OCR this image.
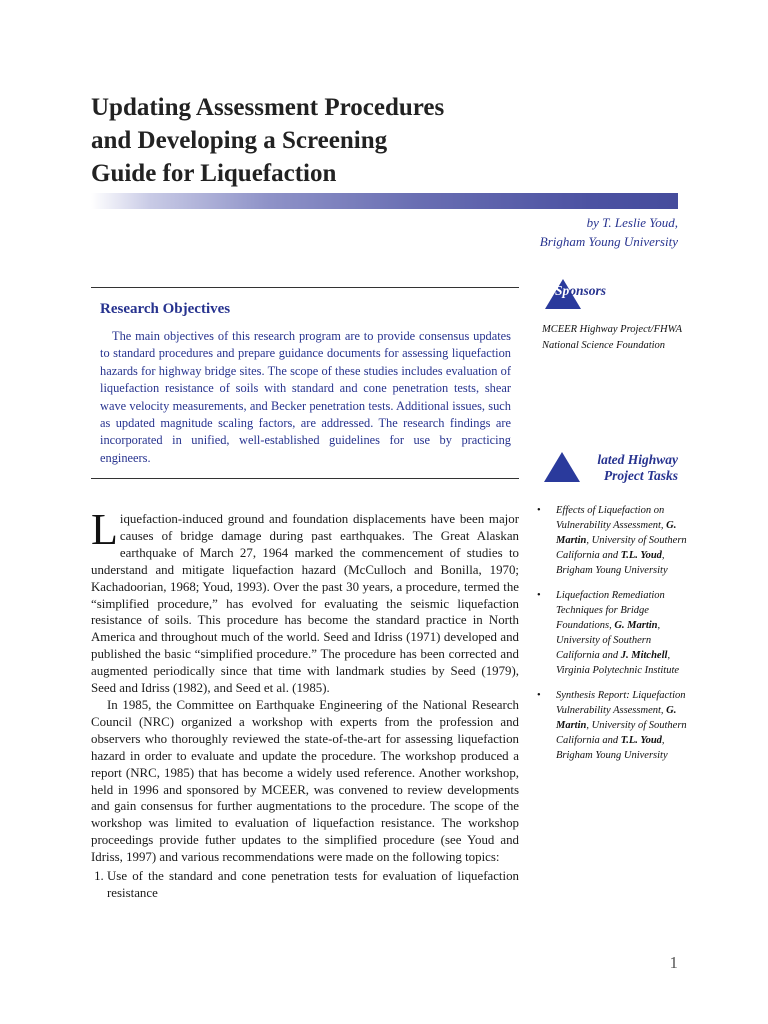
Updating Assessment Procedures
and Developing a Screening
Guide for Liquefaction
by T. Leslie Youd,
Brigham Young University
Research Objectives

The main objectives of this research program are to provide consensus updates to standard procedures and prepare guidance documents for assessing liquefaction hazards for highway bridge sites. The scope of these studies includes evaluation of liquefaction resistance of soils with standard and cone penetration tests, shear wave velocity measurements, and Becker penetration tests. Additional issues, such as updated magnitude scaling factors, are addressed. The research findings are incorporated in unified, well-established guidelines for use by practicing engineers.

Liquefaction-induced ground and foundation displacements have been major causes of bridge damage during past earthquakes. The Great Alaskan earthquake of March 27, 1964 marked the commencement of studies to understand and mitigate liquefaction hazard (McCulloch and Bonilla, 1970; Kachadoorian, 1968; Youd, 1993). Over the past 30 years, a procedure, termed the “simplified procedure,” has evolved for evaluating the seismic liquefaction resistance of soils. This procedure has become the standard practice in North America and throughout much of the world. Seed and Idriss (1971) developed and published the basic “simplified procedure.” The procedure has been corrected and augmented periodically since that time with landmark studies by Seed (1979), Seed and Idriss (1982), and Seed et al. (1985).

In 1985, the Committee on Earthquake Engineering of the National Research Council (NRC) organized a workshop with experts from the profession and observers who thoroughly reviewed the state-of-the-art for assessing liquefaction hazard in order to evaluate and update the procedure. The workshop produced a report (NRC, 1985) that has become a widely used reference. Another workshop, held in 1996 and sponsored by MCEER, was convened to review developments and gain consensus for further augmentations to the procedure. The scope of the workshop was limited to evaluation of liquefaction resistance. The workshop proceedings provide futher updates to the simplified procedure (see Youd and Idriss, 1997) and various recommendations were made on the following topics:

1. Use of the standard and cone penetration tests for evaluation of liquefaction resistance
Sponsors
MCEER Highway Project/FHWA
National Science Foundation
Related Highway
Project Tasks
• Effects of Liquefaction on Vulnerability Assessment, G. Martin, University of Southern California and T.L. Youd, Brigham Young University
• Liquefaction Remediation Techniques for Bridge Foundations, G. Martin, University of Southern California and J. Mitchell, Virginia Polytechnic Institute
• Synthesis Report: Liquefaction Vulnerability Assessment, G. Martin, University of Southern California and T.L. Youd, Brigham Young University
1
